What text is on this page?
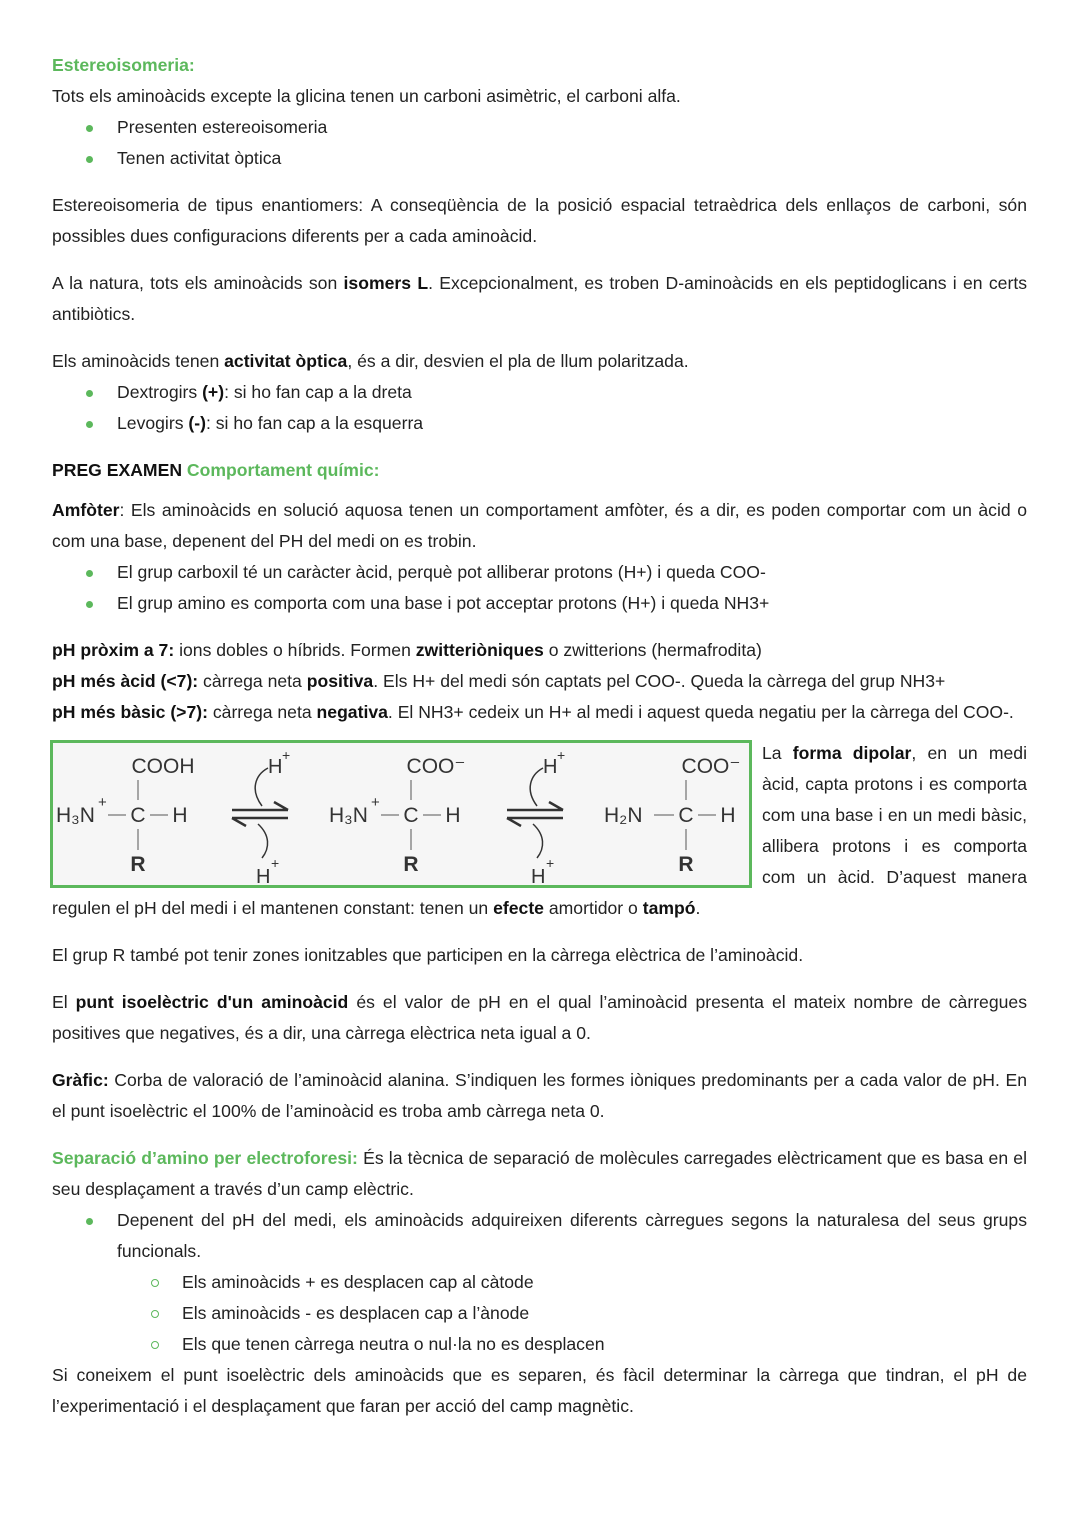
Estereoisomeria:

Tots els aminoàcids excepte la glicina tenen un carboni asimètric, el carboni alfa.

Presenten estereoisomeria
Tenen activitat òptica

Estereoisomeria de tipus enantiomers: A conseqüència de la posició espacial tetraèdrica dels enllaços de carboni, són possibles dues configuracions diferents per a cada aminoàcid.

A la natura, tots els aminoàcids son isomers L. Excepcionalment, es troben D-aminoàcids en els peptidoglicans i en certs antibiòtics.

Els aminoàcids tenen activitat òptica, és a dir, desvien el pla de llum polaritzada.

Dextrogirs (+): si ho fan cap a la dreta
Levogirs (-): si ho fan cap a la esquerra

PREG EXAMEN Comportament químic:

Amfòter: Els aminoàcids en solució aquosa tenen un comportament amfòter, és a dir, es poden comportar com un àcid o com una base, depenent del PH del medi on es trobin.

El grup carboxil té un caràcter àcid, perquè pot alliberar protons (H+) i queda COO-
El grup amino es comporta com una base i pot acceptar protons (H+) i queda NH3+

pH pròxim a 7: ions dobles o híbrids. Formen zwitteriòniques o zwitterions (hermafrodita)

pH més àcid (<7): càrrega neta positiva. Els H+ del medi són captats pel COO-. Queda la càrrega del grup NH3+

pH més bàsic (>7): càrrega neta negativa. El NH3+ cedeix un H+ al medi i aquest queda negatiu per la càrrega del COO-.

COOH
H₃N
+
C H
R
COO⁻
H₃N
+
C H
R
COO⁻
H₂N C H
R
H
+
H
+
H
+
H
+

La forma dipolar, en un medi àcid, capta protons i es comporta com una base i en un medi bàsic, allibera protons i es comporta com un àcid. D’aquest manera regulen el pH del medi i el mantenen constant: tenen un efecte amortidor o tampó.

El grup R també pot tenir zones ionitzables que participen en la càrrega elèctrica de l’aminoàcid.

El punt isoelèctric d'un aminoàcid és el valor de pH en el qual l’aminoàcid presenta el mateix nombre de càrregues positives que negatives, és a dir, una càrrega elèctrica neta igual a 0.

Gràfic: Corba de valoració de l’aminoàcid alanina. S’indiquen les formes iòniques predominants per a cada valor de pH. En el punt isoelèctric el 100% de l’aminoàcid es troba amb càrrega neta 0.

Separació d’amino per electroforesi: És la tècnica de separació de molècules carregades elèctricament que es basa en el seu desplaçament a través d’un camp elèctric.

Depenent del pH del medi, els aminoàcids adquireixen diferents càrregues segons la naturalesa del seus grups funcionals.
Els aminoàcids + es desplacen cap al càtode
Els aminoàcids - es desplacen cap a l’ànode
Els que tenen càrrega neutra o nul·la no es desplacen

Si coneixem el punt isoelèctric dels aminoàcids que es separen, és fàcil determinar la càrrega que tindran, el pH de l’experimentació i el desplaçament que faran per acció del camp magnètic.
